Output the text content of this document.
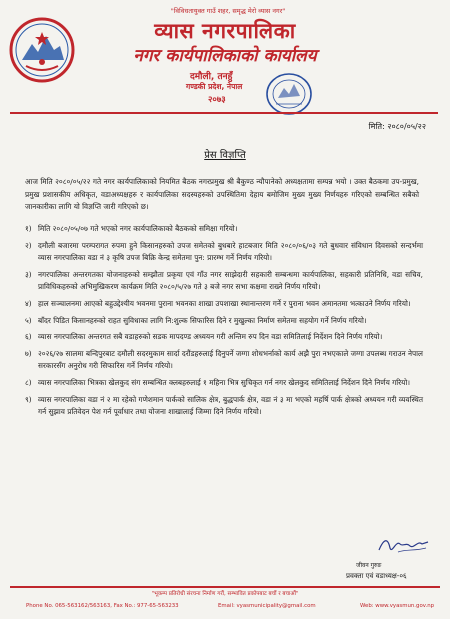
"विविधतायुक्त गाउँ शहर, समृद्ध मेरो व्यास नगर"
व्यास नगरपालिका
नगर कार्यपालिकाको कार्यालय
दमौली, तनहुँ
गण्डकी प्रदेश, नेपाल
२०७३
मिति: २०८०/०५/२२
प्रेस विज्ञप्ति

आज मिति २०८०/०५/२२ गते नगर कार्यपालिकाको नियमित बैठक नगरप्रमुख श्री बैकुण्ठ न्यौपानेको अध्यक्षतामा सम्पन्न भयो । उक्त बैठकमा उप-प्रमुख, प्रमुख प्रशासकीय अधिकृत, वडाअध्यक्षहरु र कार्यपालिका सदस्यहरुको उपस्थितिमा देहाय बमोजिम मुख्य मुख्य निर्णयहरु गरिएको सम्बन्धित सबैको जानकारीका लागि यो विज्ञप्ति जारी गरिएको छ।

१) मिति २०८०/०५/०७ गते भएको नगर कार्यपालिकाको बैठकको समिक्षा गरियो।
२) दमौली बजारमा परम्परागत रुपमा हुने किसानहरुको उपज समेतको बुधबारे हाटबजार मिति २०८०/०६/०३ गते बुधवार संविधान दिवसको सन्दर्भमा व्यास नगरपालिका वडा नं ३ कृषि उपज बिक्रि केन्द्र समेतमा पुन: प्रारम्भ गर्ने निर्णय गरियो।
३) नगरपालिका अन्तरगतका योजनाहरुको सम्झौता प्रकृया एवं गाँउ नगर साझेदारी सहकारी सम्बन्धमा कार्यपालिका, सहकारी प्रतिनिधि, वडा सचिव, प्राविधिकहरुको अभिमुखिकरण कार्यक्रम मिति २०८०/५/२७ गते ३ बजे नगर सभा कक्षमा राख्ने निर्णय गरियो।
४) हाल सञ्चालनमा आएको बहुउद्देश्यीय भवनमा पुराना भवनका शाखा उपशाखा स्थानान्तरण गर्ने र पुराना भवन अमानतमा भत्काउने निर्णय गरियो।
५) बाँदर पिडित किसानहरुको राहत सुविधाका लागि नि:शुल्क सिफारिस दिने र मुखुल्का निर्माण समेतमा सहयोग गर्ने निर्णय गरियो।
६) व्यास नगरपालिका अन्तरगत सबै वडाहरुको सडक मापदण्ड अध्ययन गरी अन्तिम रुप दिन वडा समितिलाई निर्देशन दिने निर्णय गरियो।
७) २०२६/२७ सालमा बन्दिपुरबाट दमौली सदरमुकाम सार्दा दरौंडहरुलाई दिनुपर्ने जग्गा शोधभर्नाको कार्य अझै पुरा नभएकाले जग्गा उपलब्ध गराउन नेपाल सरकारसँग अनुरोध गरी सिफारिस गर्ने निर्णय गरियो।
८) व्यास नगरपालिका भित्रका खेलकुद संग सम्बन्धित क्लबहरुलाई १ महिना भित्र सुचिकृत गर्न नगर खेलकुद समितिलाई निर्देशन दिने निर्णय गरियो।
९) व्यास नगरपालिका वडा नं २ मा रहेको गणेशमान पार्कको सालिक क्षेत्र, बुद्धपार्क क्षेत्र, वडा नं ३ मा भएको महर्षि पार्क क्षेत्रको अध्ययन गरी व्यवस्थित गर्न सुझाव प्रतिवेदन पेश गर्न पूर्वाधार तथा योजना शाखालाई जिम्मा दिने निर्णय गरियो।
जीवन गुरुङ
प्रवक्ता एवं वडाध्यक्ष-०६
"भूकम्प प्रतिरोधी संरचना निर्माण गरौं, सम्भावित प्रकोपबाट बचौं र बचाऔं"
Phone No. 065-563162/563163, Fax No.: 977-65-563233	Email: vyasmunicipality@gmail.com	Web: www.vyasmun.gov.np
